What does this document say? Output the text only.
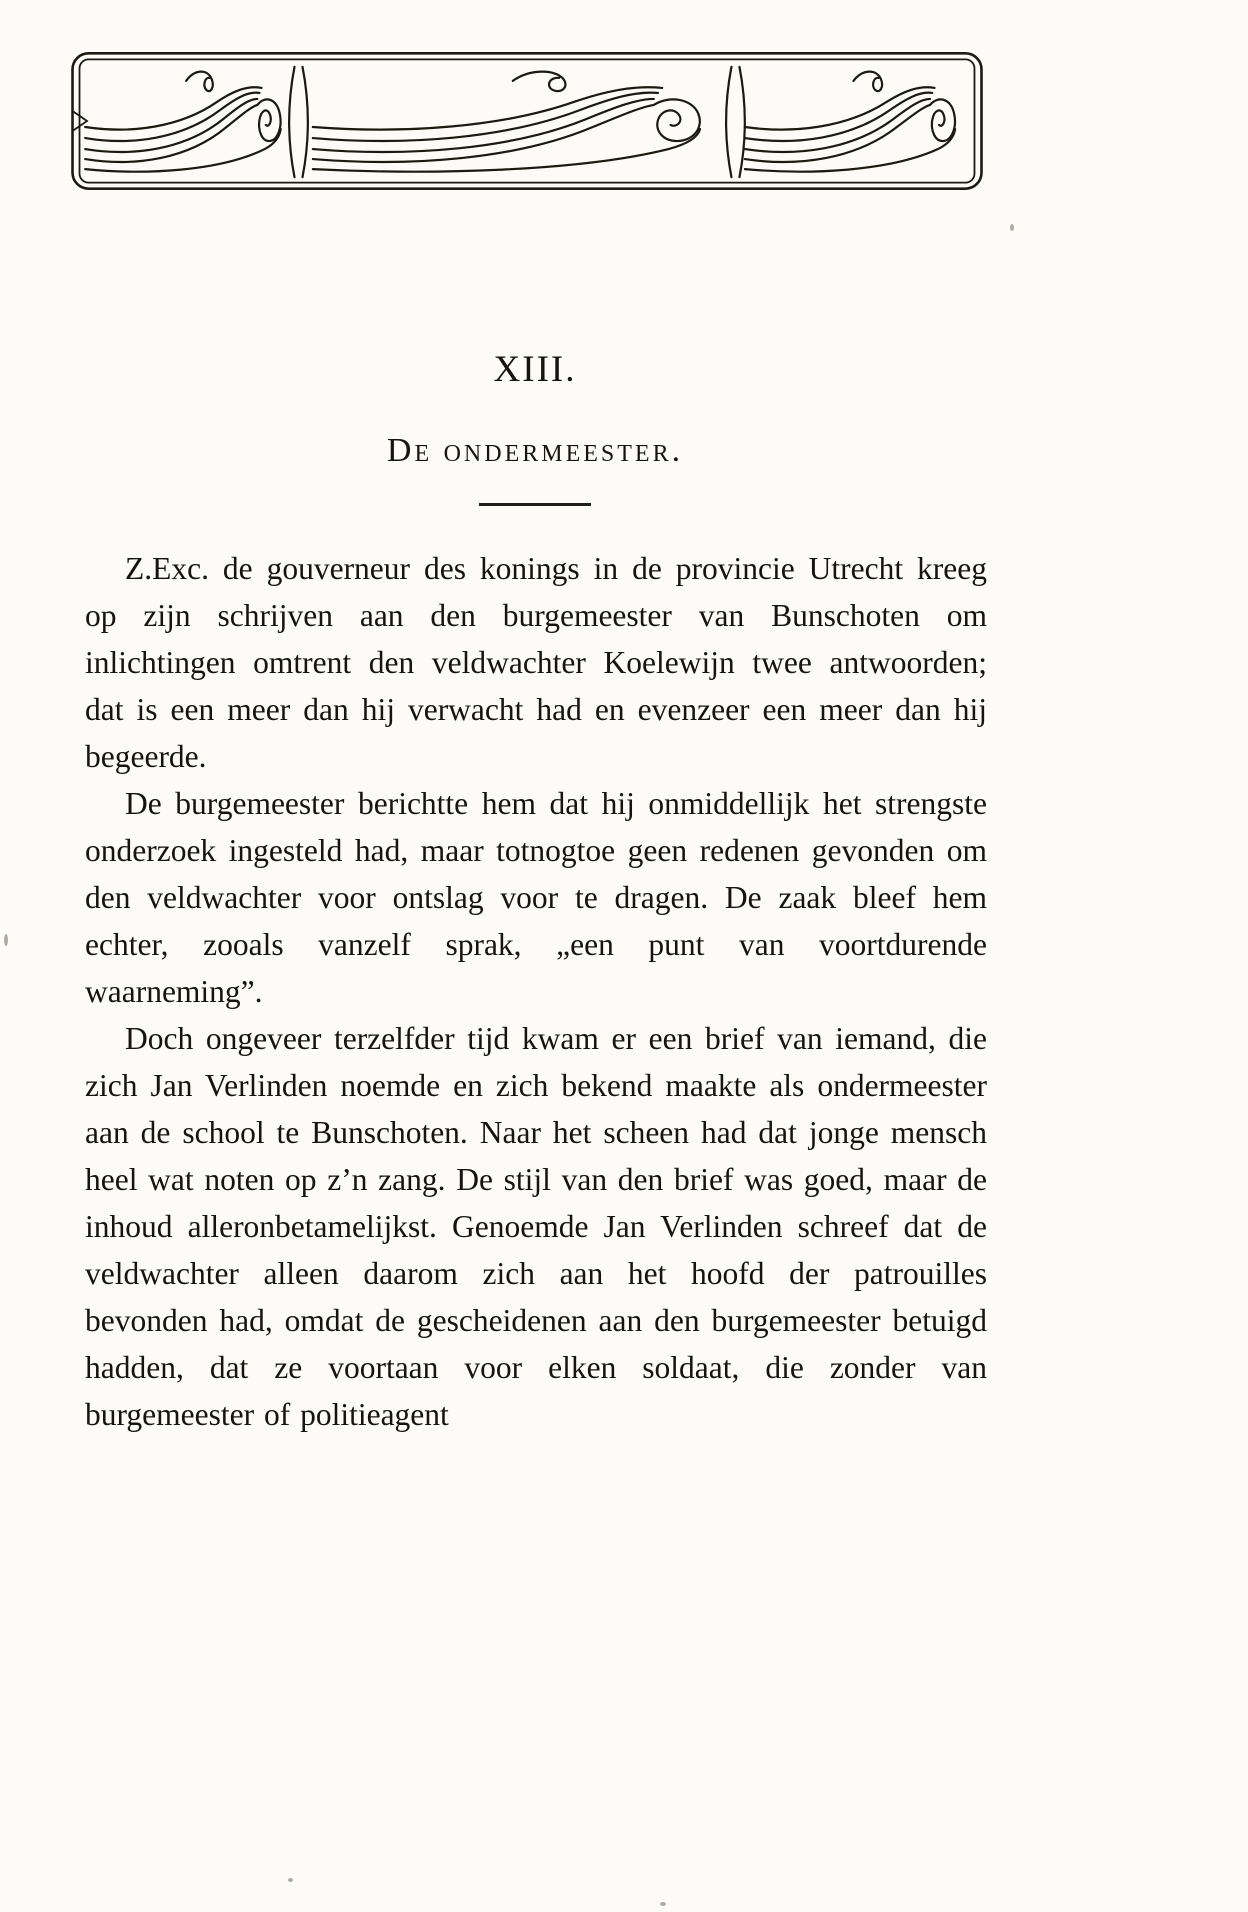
XIII.
De ondermeester.

Z.Exc. de gouverneur des konings in de provincie Utrecht kreeg op zijn schrijven aan den burgemeester van Bunschoten om inlichtingen omtrent den veldwachter Koelewijn twee antwoorden; dat is een meer dan hij verwacht had en evenzeer een meer dan hij begeerde.

De burgemeester berichtte hem dat hij onmiddellijk het strengste onderzoek ingesteld had, maar totnogtoe geen redenen gevonden om den veldwachter voor ontslag voor te dragen. De zaak bleef hem echter, zooals vanzelf sprak, „een punt van voortdurende waarneming”.

Doch ongeveer terzelfder tijd kwam er een brief van iemand, die zich Jan Verlinden noemde en zich bekend maakte als ondermeester aan de school te Bunschoten. Naar het scheen had dat jonge mensch heel wat noten op z’n zang. De stijl van den brief was goed, maar de inhoud alleronbetamelijkst. Genoemde Jan Verlinden schreef dat de veldwachter alleen daarom zich aan het hoofd der patrouilles bevonden had, omdat de gescheidenen aan den burgemeester betuigd hadden, dat ze voortaan voor elken soldaat, die zonder van burgemeester of politieagent
